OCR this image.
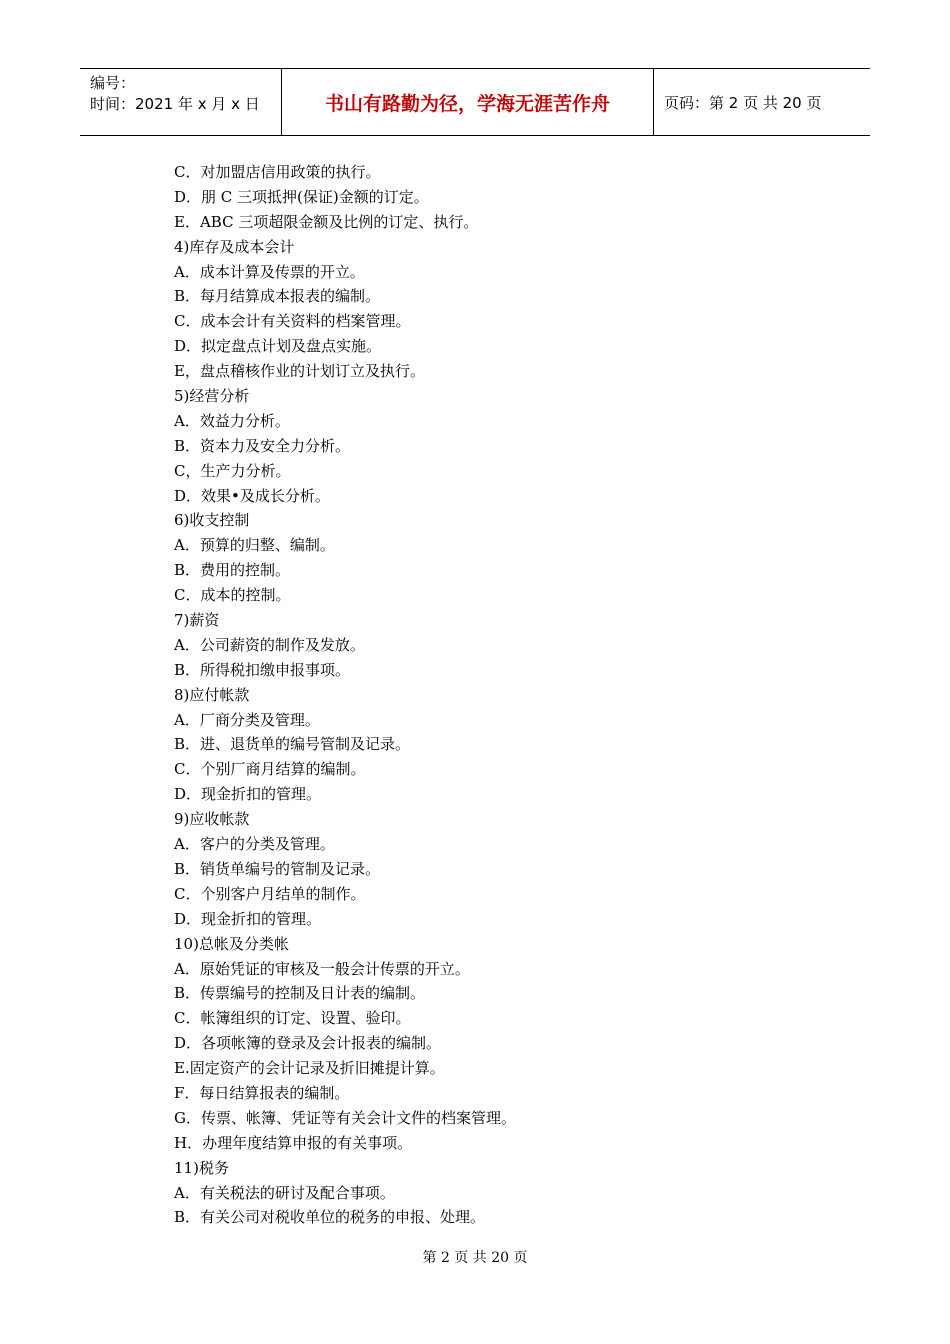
编号：
时间：2021 年 x 月 x 日	书山有路勤为径，学海无涯苦作舟	页码：第 2 页 共 20 页
C．对加盟店信用政策的执行。
D．朋 C 三项抵押(保证)金额的订定。
E．ABC 三项超限金额及比例的订定、执行。
4)库存及成本会计
A．成本计算及传票的开立。
B．每月结算成本报表的编制。
C．成本会计有关资料的档案管理。
D．拟定盘点计划及盘点实施。
E，盘点稽核作业的计划订立及执行。
5)经营分析
A．效益力分析。
B．资本力及安全力分析。
C，生产力分析。
D．效果•及成长分析。
6)收支控制
A．预算的归整、编制。
B．费用的控制。
C．成本的控制。
7)薪资
A．公司薪资的制作及发放。
B．所得税扣缴申报事项。
8)应付帐款
A．厂商分类及管理。
B．进、退货单的编号管制及记录。
C．个别厂商月结算的编制。
D．现金折扣的管理。
9)应收帐款
A．客户的分类及管理。
B．销货单编号的管制及记录。
C．个别客户月结单的制作。
D．现金折扣的管理。
10)总帐及分类帐
A．原始凭证的审核及一般会计传票的开立。
B．传票编号的控制及日计表的编制。
C．帐簿组织的订定、设置、验印。
D．各项帐簿的登录及会计报表的编制。
E.固定资产的会计记录及折旧摊提计算。
F．每日结算报表的编制。
G．传票、帐簿、凭证等有关会计文件的档案管理。
H．办理年度结算申报的有关事项。
11)税务
A．有关税法的研讨及配合事项。
B．有关公司对税收单位的税务的申报、处理。
第 2 页 共 20 页
